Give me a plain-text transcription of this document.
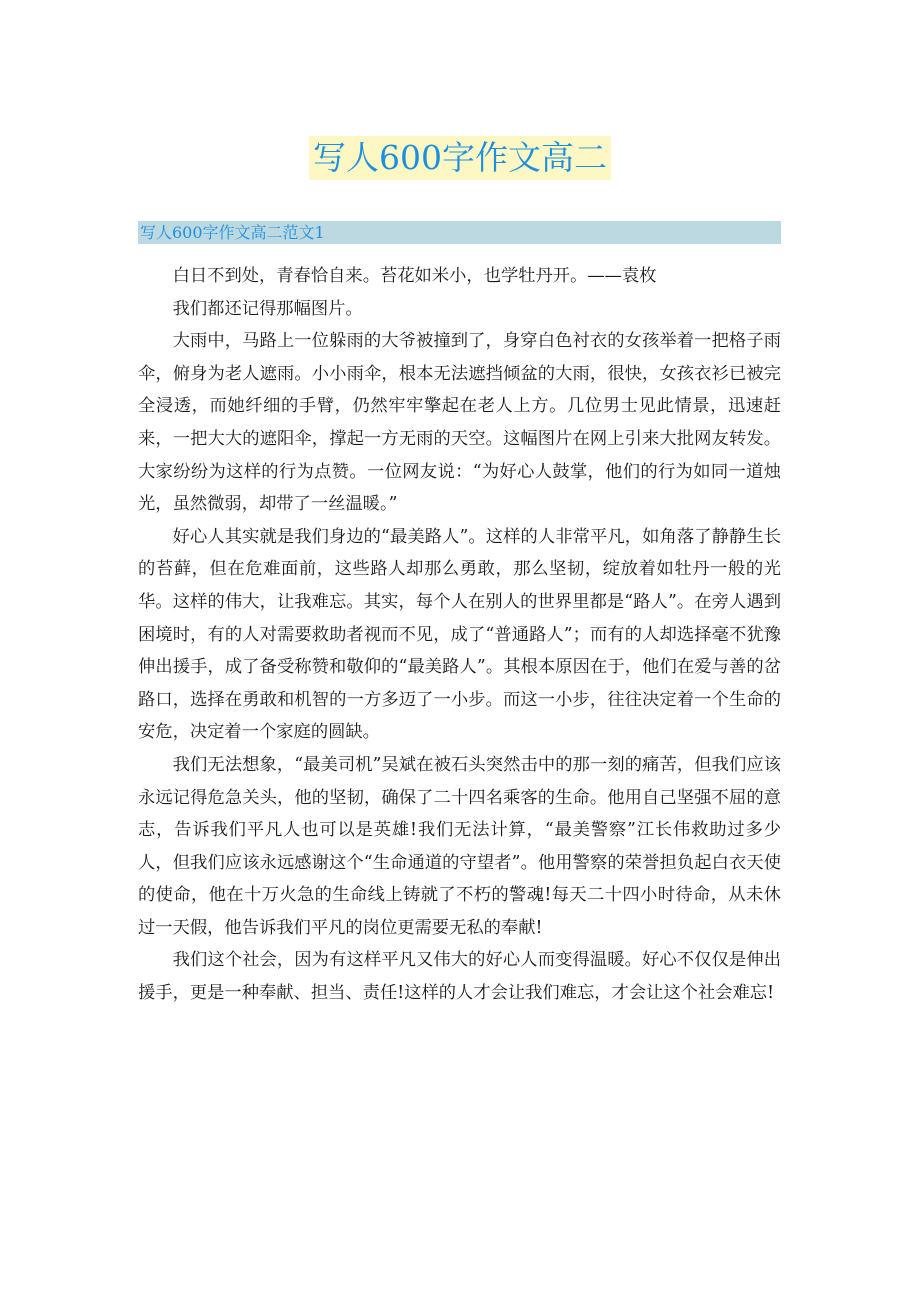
写人600字作文高二
写人600字作文高二范文1

白日不到处，青春恰自来。苔花如米小，也学牡丹开。——袁枚

我们都还记得那幅图片。

大雨中，马路上一位躲雨的大爷被撞到了，身穿白色衬衣的女孩举着一把格子雨伞，俯身为老人遮雨。小小雨伞，根本无法遮挡倾盆的大雨，很快，女孩衣衫已被完全浸透，而她纤细的手臂，仍然牢牢擎起在老人上方。几位男士见此情景，迅速赶来，一把大大的遮阳伞，撑起一方无雨的天空。这幅图片在网上引来大批网友转发。大家纷纷为这样的行为点赞。一位网友说：“为好心人鼓掌，他们的行为如同一道烛光，虽然微弱，却带了一丝温暖。”

好心人其实就是我们身边的“最美路人”。这样的人非常平凡，如角落了静静生长的苔藓，但在危难面前，这些路人却那么勇敢，那么坚韧，绽放着如牡丹一般的光华。这样的伟大，让我难忘。其实，每个人在别人的世界里都是“路人”。在旁人遇到困境时，有的人对需要救助者视而不见，成了“普通路人”；而有的人却选择毫不犹豫伸出援手，成了备受称赞和敬仰的“最美路人”。其根本原因在于，他们在爱与善的岔路口，选择在勇敢和机智的一方多迈了一小步。而这一小步，往往决定着一个生命的安危，决定着一个家庭的圆缺。

我们无法想象，“最美司机”吴斌在被石头突然击中的那一刻的痛苦，但我们应该永远记得危急关头，他的坚韧，确保了二十四名乘客的生命。他用自己坚强不屈的意志，告诉我们平凡人也可以是英雄!我们无法计算，“最美警察”江长伟救助过多少人，但我们应该永远感谢这个“生命通道的守望者”。他用警察的荣誉担负起白衣天使的使命，他在十万火急的生命线上铸就了不朽的警魂!每天二十四小时待命，从未休过一天假，他告诉我们平凡的岗位更需要无私的奉献!

我们这个社会，因为有这样平凡又伟大的好心人而变得温暖。好心不仅仅是伸出援手，更是一种奉献、担当、责任!这样的人才会让我们难忘，才会让这个社会难忘!
